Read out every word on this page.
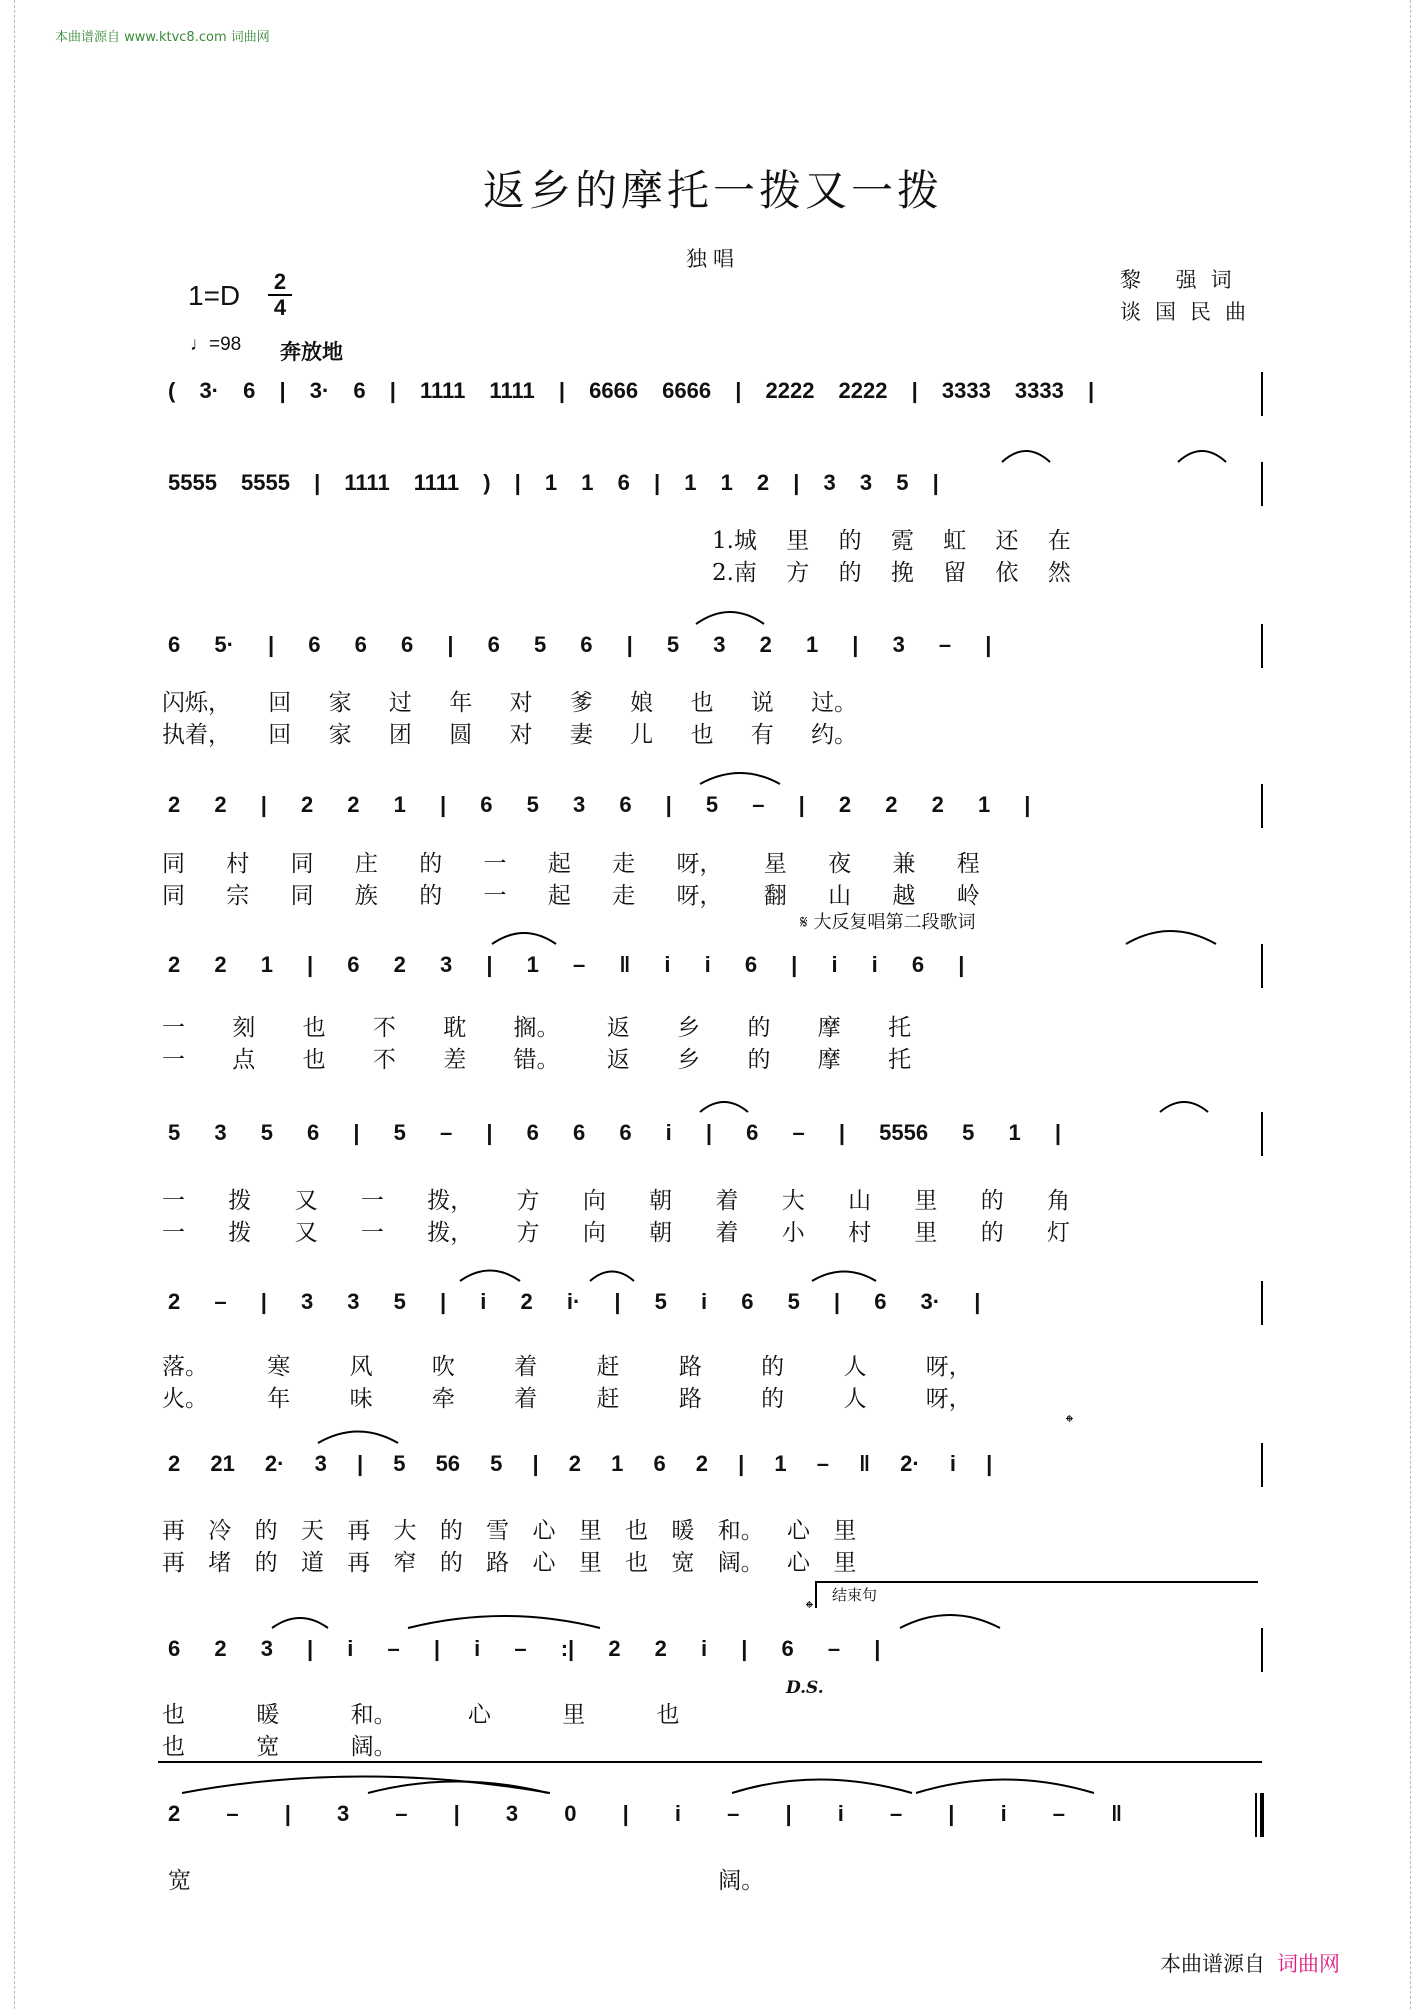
本曲谱源自 www.ktvc8.com 词曲网
返乡的摩托一拨又一拨
独唱
黎 强词
谈国民曲
1=D 2
4
♩=98 奔放地
( 3· 6 | 3· 6 | 1111 1111 | 6666 6666 | 2222 2222 | 3333 3333 |
5555 5555 | 1111 1111 ) | 1 1 6 | 1 1 2 | 3 3 5 |
1.城 里 的 霓 虹 还 在
2.南 方 的 挽 留 依 然
6 5· | 6 6 6 | 6 5 6 | 5 3 2 1 | 3 – |
闪烁， 回 家 过 年 对 爹 娘 也 说 过。
执着， 回 家 团 圆 对 妻 儿 也 有 约。
2 2 | 2 2 1 | 6 5 3 6 | 5 – | 2 2 2 1 |
同 村 同 庄 的 一 起 走 呀， 星 夜 兼 程
同 宗 同 族 的 一 起 走 呀， 翻 山 越 岭
𝄋 大反复唱第二段歌词
2 2 1 | 6 2 3 | 1 – ‖ i i 6 | i i 6 |
一 刻 也 不 耽 搁。 返 乡 的 摩 托
一 点 也 不 差 错。 返 乡 的 摩 托
5 3 5 6 | 5 – | 6 6 6 i | 6 – | 5556 5 1 |
一 拨 又 一 拨， 方 向 朝 着 大 山 里 的 角
一 拨 又 一 拨， 方 向 朝 着 小 村 里 的 灯
2 – | 3 3 5 | i 2 i· | 5 i 6 5 | 6 3· |
落。 寒 风 吹 着 赶 路 的 人 呀，
火。 年 味 牵 着 赶 路 的 人 呀，
𝄌
2 21 2· 3 | 5 56 5 | 2 1 6 2 | 1 – ‖ 2· i |
再 冷 的 天 再 大 的 雪 心 里 也 暖 和。 心 里
再 堵 的 道 再 窄 的 路 心 里 也 宽 阔。 心 里
𝄌
结束句
D.S.
6 2 3 | i – | i – :| 2 2 i | 6 – |
也 暖 和。 心 里 也
也 宽 阔。
2 – | 3 – | 3 0 | i – | i – | i – ‖
宽 阔。
本曲谱源自 词曲网
